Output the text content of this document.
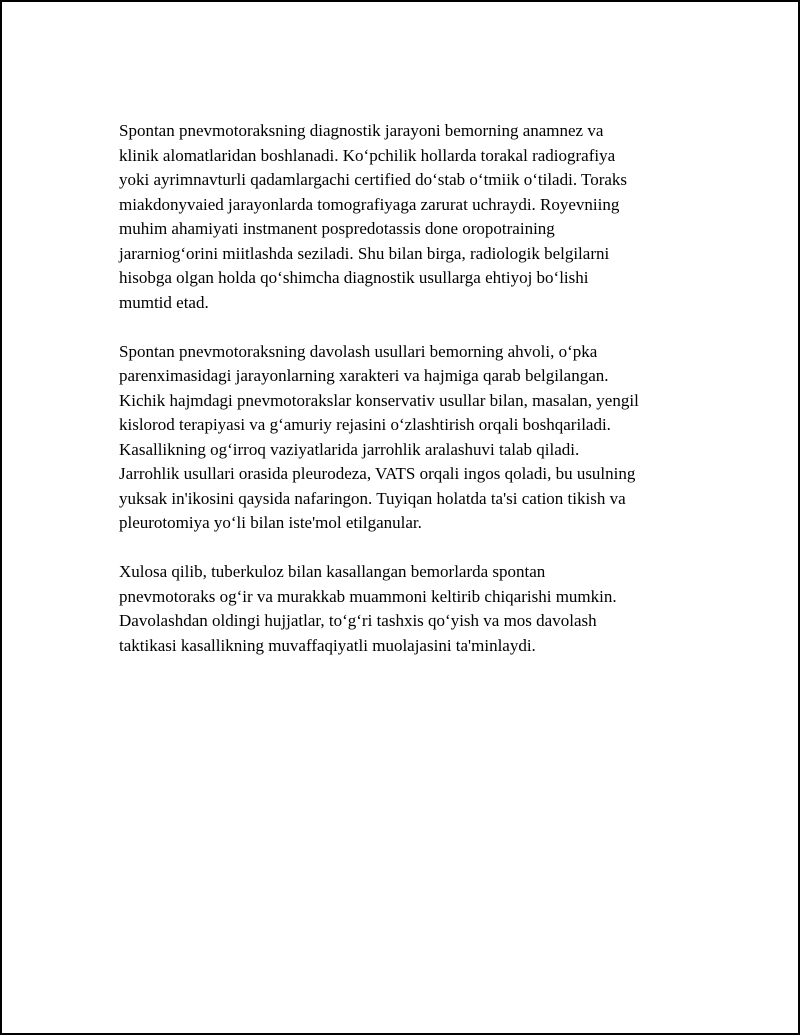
Spontan pnevmotoraksning diagnostik jarayoni bemorning anamnez va
klinik alomatlaridan boshlanadi. Ko‘pchilik hollarda torakal radiografiya
yoki ayrimnavturli qadamlargachi certified do‘stab o‘tmiik o‘tiladi. Toraks
miakdonyvaied jarayonlarda tomografiyaga zarurat uchraydi. Royevniing
muhim ahamiyati instmanent pospredotassis done oropotraining
jararniog‘orini miitlashda seziladi. Shu bilan birga, radiologik belgilarni
hisobga olgan holda qo‘shimcha diagnostik usullarga ehtiyoj bo‘lishi
mumtid etad.

Spontan pnevmotoraksning davolash usullari bemorning ahvoli, o‘pka
parenximasidagi jarayonlarning xarakteri va hajmiga qarab belgilangan.
Kichik hajmdagi pnevmotorakslar konservativ usullar bilan, masalan, yengil
kislorod terapiyasi va g‘amuriy rejasini o‘zlashtirish orqali boshqariladi.
Kasallikning og‘irroq vaziyatlarida jarrohlik aralashuvi talab qiladi.
Jarrohlik usullari orasida pleurodeza, VATS orqali ingos qoladi, bu usulning
yuksak in'ikosini qaysida nafaringon. Tuyiqan holatda ta'si cation tikish va
pleurotomiya yo‘li bilan iste'mol etilganular.

Xulosa qilib, tuberkuloz bilan kasallangan bemorlarda spontan
pnevmotoraks og‘ir va murakkab muammoni keltirib chiqarishi mumkin.
Davolashdan oldingi hujjatlar, to‘g‘ri tashxis qo‘yish va mos davolash
taktikasi kasallikning muvaffaqiyatli muolajasini ta'minlaydi.
